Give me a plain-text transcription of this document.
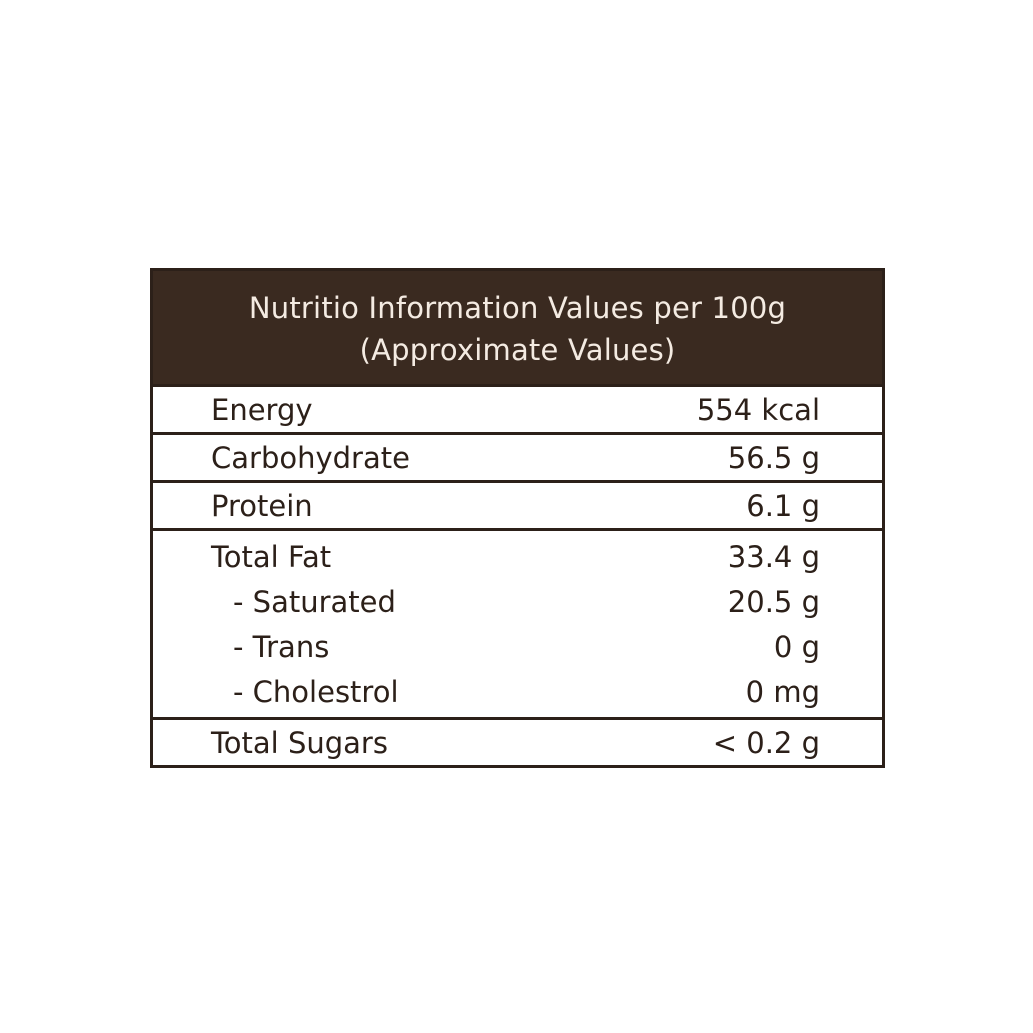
Nutritio Information Values per 100g
(Approximate Values)
Energy	554 kcal
Carbohydrate	56.5 g
Protein	6.1 g
Total Fat	33.4 g
- Saturated	20.5 g
- Trans	0 g
- Cholestrol	0 mg
Total Sugars	< 0.2 g
